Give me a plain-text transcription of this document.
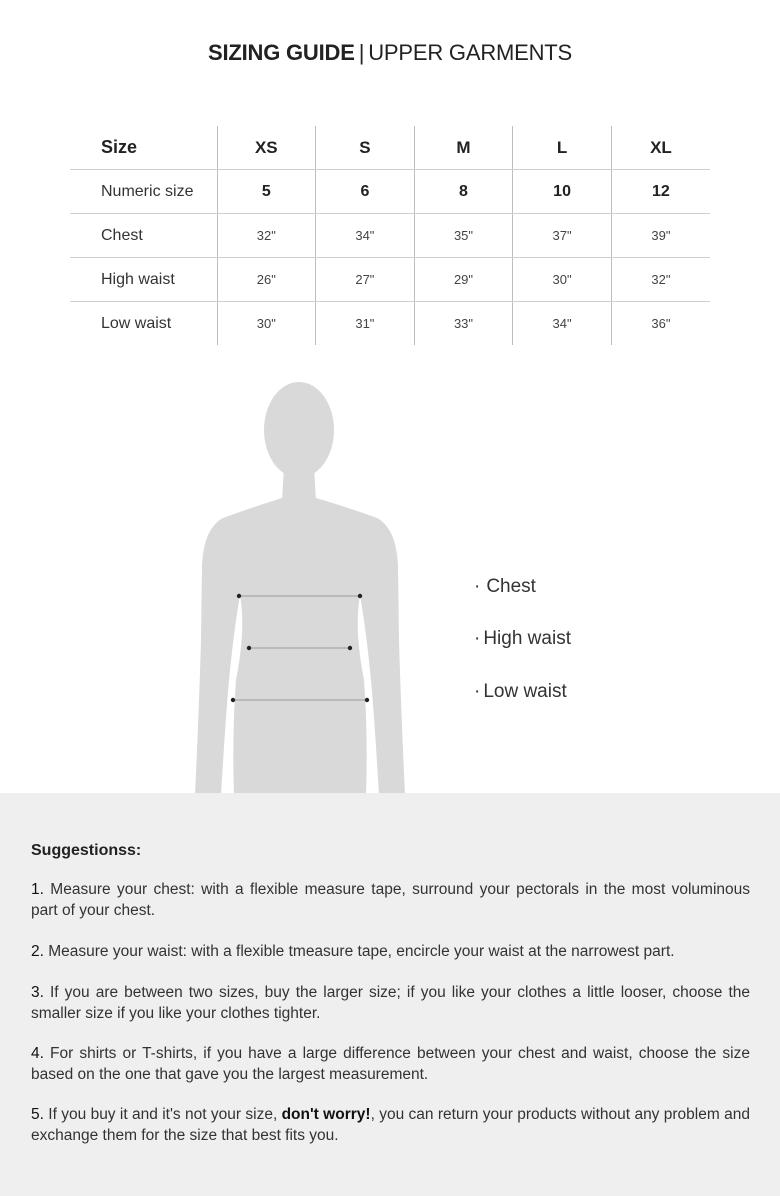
SIZING GUIDE | UPPER GARMENTS
Size	XS	S	M	L	XL
Numeric size	5	6	8	10	12
Chest	32"	34"	35"	37"	39"
High waist	26"	27"	29"	30"	32"
Low waist	30"	31"	33"	34"	36"
· Chest
· High waist
· Low waist
Suggestionss:
1. Measure your chest: with a flexible measure tape, surround your pectorals in the most voluminous part of your chest.
2. Measure your waist: with a flexible tmeasure tape, encircle your waist at the narrowest part.
3. If you are between two sizes, buy the larger size; if you like your clothes a little looser, choose the smaller size if you like your clothes tighter.
4. For shirts or T-shirts, if you have a large difference between your chest and waist, choose the size based on the one that gave you the largest measurement.
5. If you buy it and it's not your size, don't worry!, you can return your products without any problem and exchange them for the size that best fits you.
